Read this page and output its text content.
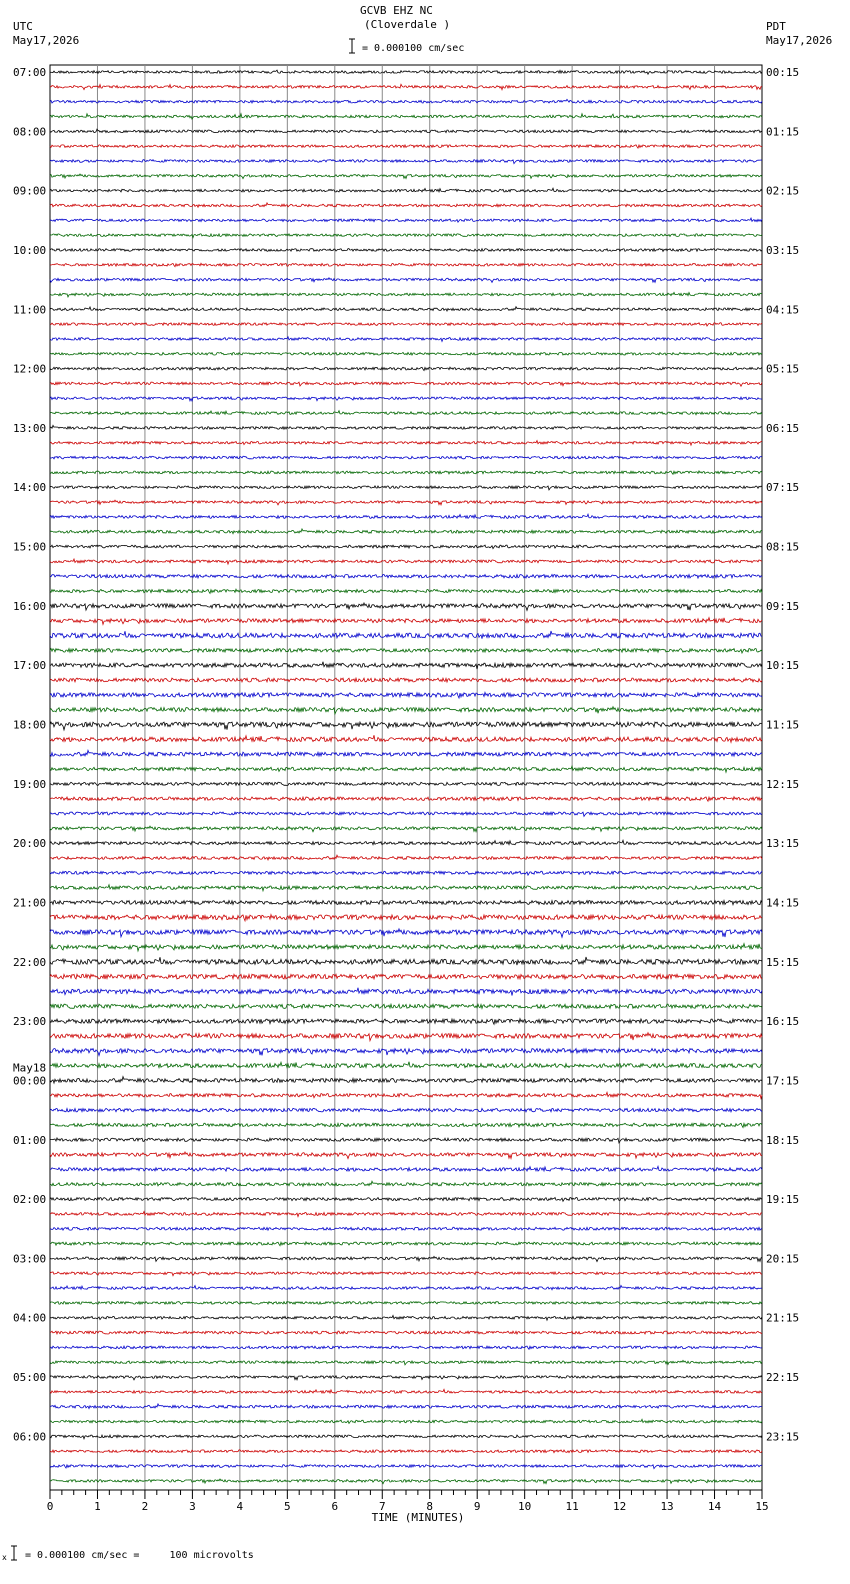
GCVB EHZ NC
(Cloverdale )
UTC
May17,2026
PDT
May17,2026
= 0.000100 cm/sec
x = 0.000100 cm/sec =     100 microvolts
0	1	2	3	4	5	6	7	8	9	10	11	12	13	14	15
TIME (MINUTES)
07:00
08:00
09:00
10:00
11:00
12:00
13:00
14:00
15:00
16:00
17:00
18:00
19:00
20:00
21:00
22:00
23:00
00:00
May18
01:00
02:00
03:00
04:00
05:00
06:00
00:15
01:15
02:15
03:15
04:15
05:15
06:15
07:15
08:15
09:15
10:15
11:15
12:15
13:15
14:15
15:15
16:15
17:15
18:15
19:15
20:15
21:15
22:15
23:15
